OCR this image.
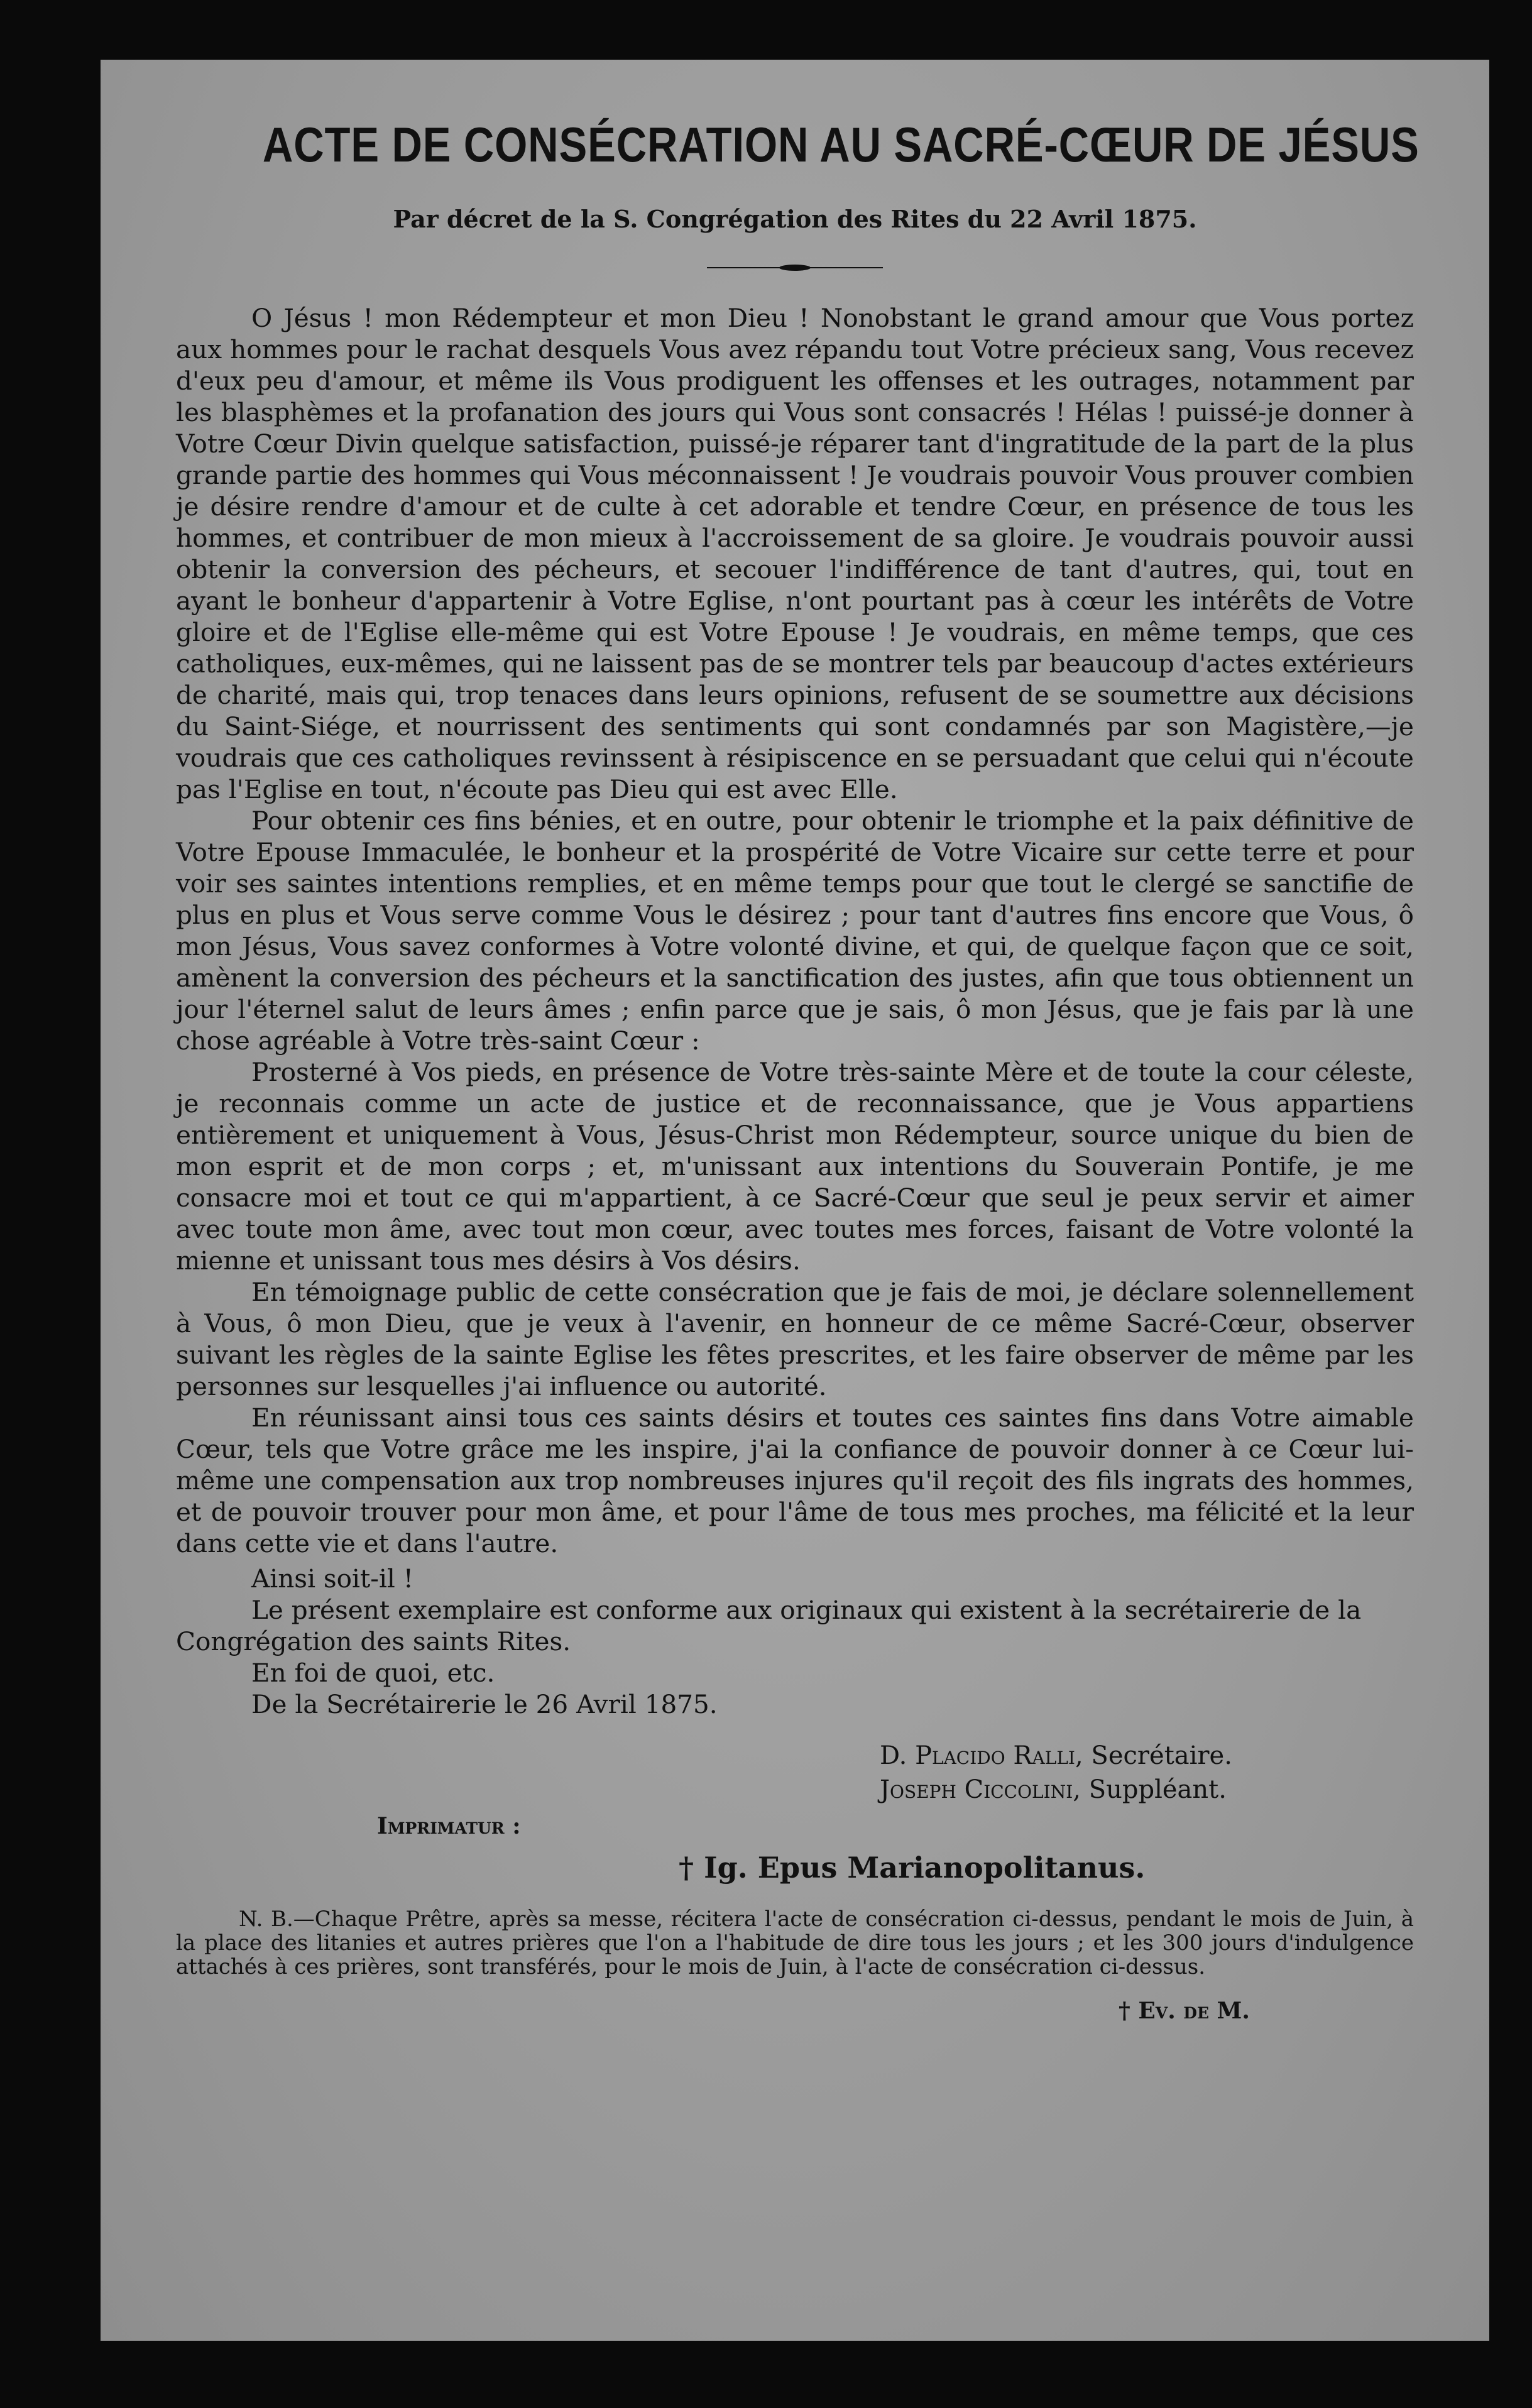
ACTE DE CONSÉCRATION AU SACRÉ-CŒUR DE JÉSUS
Par décret de la S. Congrégation des Rites du 22 Avril 1875.

O Jésus ! mon Rédempteur et mon Dieu ! Nonobstant le grand amour que Vous portez aux hommes pour le rachat desquels Vous avez répandu tout Votre précieux sang, Vous recevez d'eux peu d'amour, et même ils Vous prodiguent les offenses et les outrages, notamment par les blasphèmes et la profanation des jours qui Vous sont consacrés ! Hélas ! puissé-je donner à Votre Cœur Divin quelque satisfaction, puissé-je réparer tant d'ingratitude de la part de la plus grande partie des hommes qui Vous méconnaissent ! Je voudrais pouvoir Vous prouver combien je désire rendre d'amour et de culte à cet adorable et tendre Cœur, en présence de tous les hommes, et contribuer de mon mieux à l'accroissement de sa gloire. Je voudrais pouvoir aussi obtenir la conversion des pécheurs, et secouer l'indifférence de tant d'autres, qui, tout en ayant le bonheur d'appartenir à Votre Eglise, n'ont pourtant pas à cœur les intérêts de Votre gloire et de l'Eglise elle-même qui est Votre Epouse ! Je voudrais, en même temps, que ces catholiques, eux-mêmes, qui ne laissent pas de se montrer tels par beaucoup d'actes extérieurs de charité, mais qui, trop tenaces dans leurs opinions, refusent de se soumettre aux décisions du Saint-Siége, et nourrissent des sentiments qui sont condamnés par son Magistère,—je voudrais que ces catholiques revinssent à résipiscence en se persuadant que celui qui n'écoute pas l'Eglise en tout, n'écoute pas Dieu qui est avec Elle.

Pour obtenir ces fins bénies, et en outre, pour obtenir le triomphe et la paix définitive de Votre Epouse Immaculée, le bonheur et la prospérité de Votre Vicaire sur cette terre et pour voir ses saintes intentions remplies, et en même temps pour que tout le clergé se sanctifie de plus en plus et Vous serve comme Vous le désirez ; pour tant d'autres fins encore que Vous, ô mon Jésus, Vous savez conformes à Votre volonté divine, et qui, de quelque façon que ce soit, amènent la conversion des pécheurs et la sanctification des justes, afin que tous obtiennent un jour l'éternel salut de leurs âmes ; enfin parce que je sais, ô mon Jésus, que je fais par là une chose agréable à Votre très-saint Cœur :

Prosterné à Vos pieds, en présence de Votre très-sainte Mère et de toute la cour céleste, je reconnais comme un acte de justice et de reconnaissance, que je Vous appartiens entièrement et uniquement à Vous, Jésus-Christ mon Rédempteur, source unique du bien de mon esprit et de mon corps ; et, m'unissant aux intentions du Souverain Pontife, je me consacre moi et tout ce qui m'appartient, à ce Sacré-Cœur que seul je peux servir et aimer avec toute mon âme, avec tout mon cœur, avec toutes mes forces, faisant de Votre volonté la mienne et unissant tous mes désirs à Vos désirs.

En témoignage public de cette consécration que je fais de moi, je déclare solennellement à Vous, ô mon Dieu, que je veux à l'avenir, en honneur de ce même Sacré-Cœur, observer suivant les règles de la sainte Eglise les fêtes prescrites, et les faire observer de même par les personnes sur lesquelles j'ai influence ou autorité.

En réunissant ainsi tous ces saints désirs et toutes ces saintes fins dans Votre aimable Cœur, tels que Votre grâce me les inspire, j'ai la confiance de pouvoir donner à ce Cœur lui-même une compensation aux trop nombreuses injures qu'il reçoit des fils ingrats des hommes, et de pouvoir trouver pour mon âme, et pour l'âme de tous mes proches, ma félicité et la leur dans cette vie et dans l'autre.

Ainsi soit-il !

Le présent exemplaire est conforme aux originaux qui existent à la secrétairerie de la Congrégation des saints Rites.

En foi de quoi, etc.

De la Secrétairerie le 26 Avril 1875.

D. Placido Ralli, Secrétaire.
Joseph Ciccolini, Suppléant.
Imprimatur :
† Ig. Epus Marianopolitanus.

N. B.—Chaque Prêtre, après sa messe, récitera l'acte de consécration ci-dessus, pendant le mois de Juin, à la place des litanies et autres prières que l'on a l'habitude de dire tous les jours ; et les 300 jours d'indulgence attachés à ces prières, sont transférés, pour le mois de Juin, à l'acte de consécration ci-dessus.

† Ev. de M.
